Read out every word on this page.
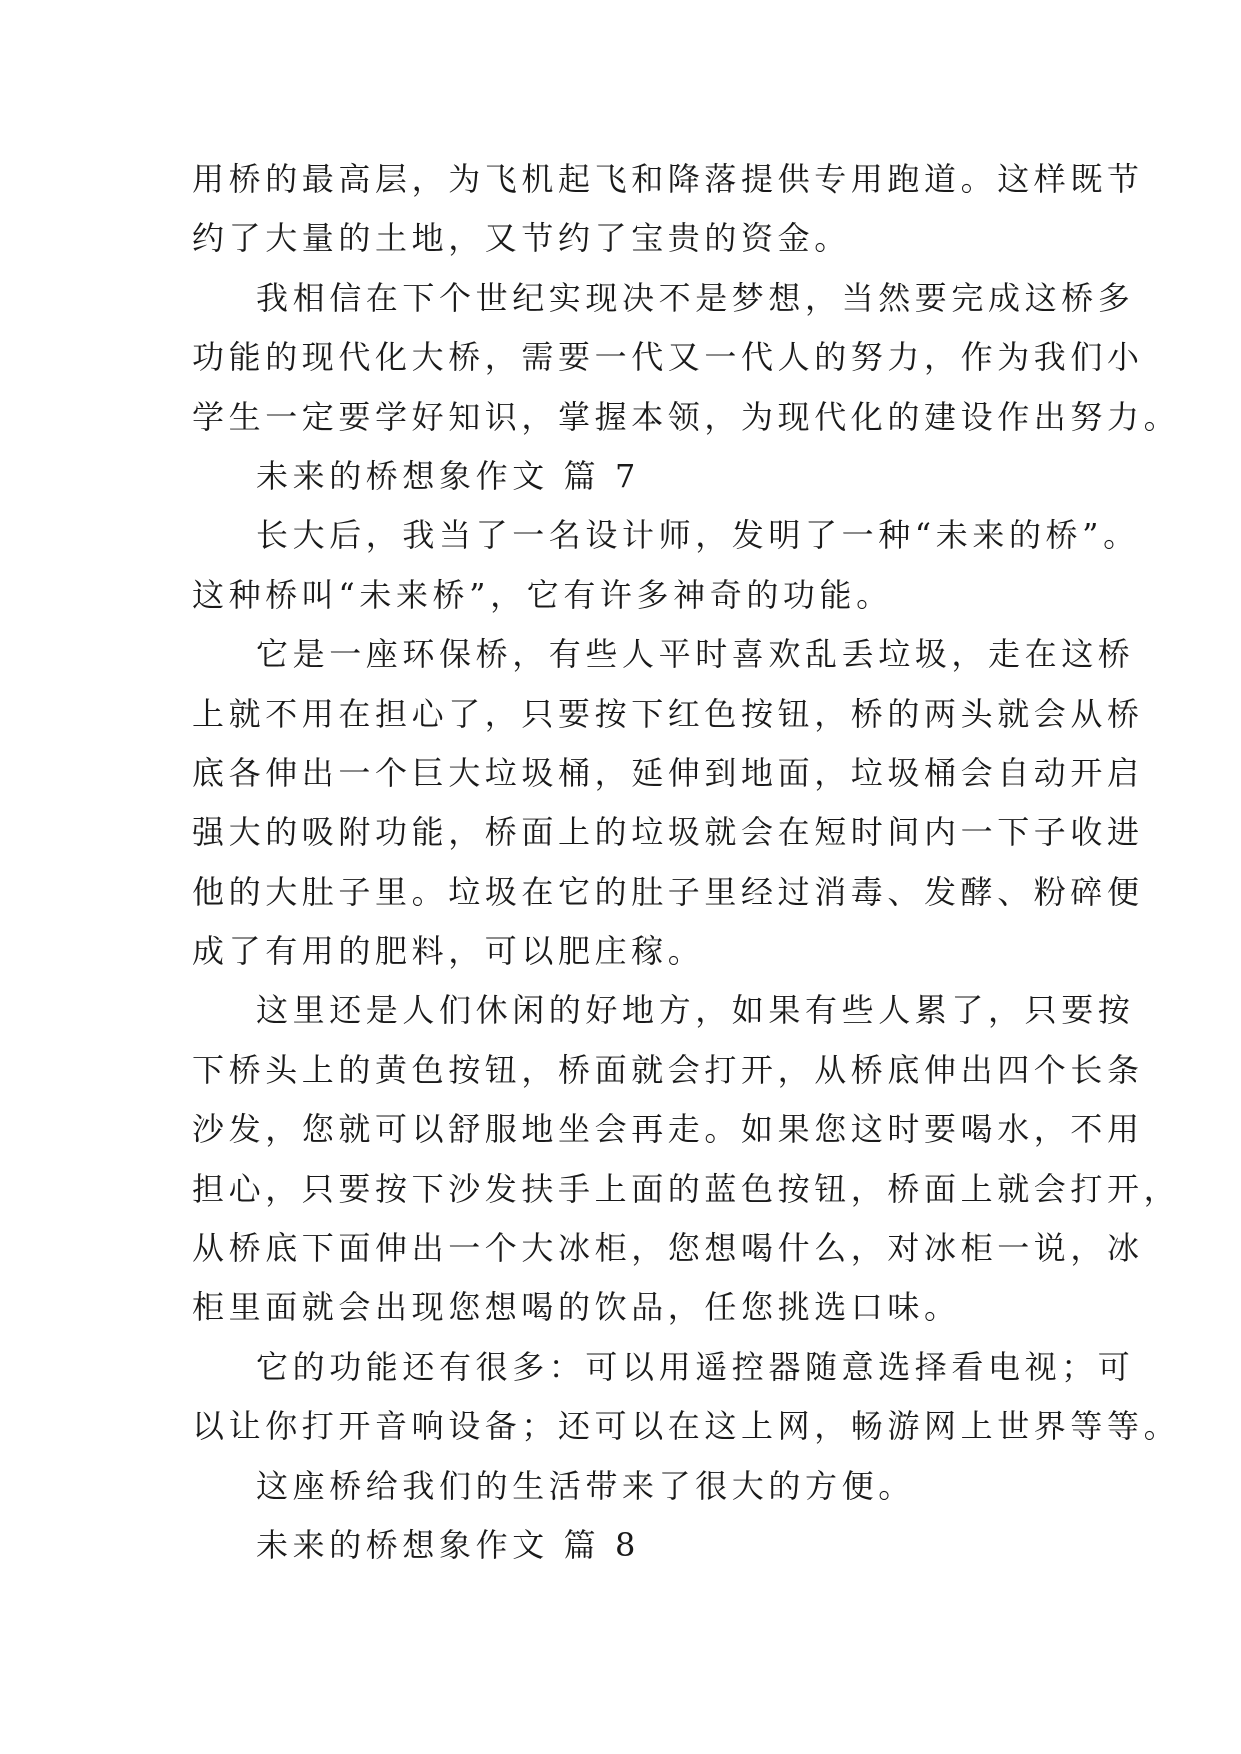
用桥的最高层，为飞机起飞和降落提供专用跑道。这样既节
约了大量的土地，又节约了宝贵的资金。
我相信在下个世纪实现决不是梦想，当然要完成这桥多
功能的现代化大桥，需要一代又一代人的努力，作为我们小
学生一定要学好知识，掌握本领，为现代化的建设作出努力。
未来的桥想象作文 篇 7
长大后，我当了一名设计师，发明了一种“未来的桥”。
这种桥叫“未来桥”，它有许多神奇的功能。
它是一座环保桥，有些人平时喜欢乱丢垃圾，走在这桥
上就不用在担心了，只要按下红色按钮，桥的两头就会从桥
底各伸出一个巨大垃圾桶，延伸到地面，垃圾桶会自动开启
强大的吸附功能，桥面上的垃圾就会在短时间内一下子收进
他的大肚子里。垃圾在它的肚子里经过消毒、发酵、粉碎便
成了有用的肥料，可以肥庄稼。
这里还是人们休闲的好地方，如果有些人累了，只要按
下桥头上的黄色按钮，桥面就会打开，从桥底伸出四个长条
沙发，您就可以舒服地坐会再走。如果您这时要喝水，不用
担心，只要按下沙发扶手上面的蓝色按钮，桥面上就会打开，
从桥底下面伸出一个大冰柜，您想喝什么，对冰柜一说，冰
柜里面就会出现您想喝的饮品，任您挑选口味。
它的功能还有很多：可以用遥控器随意选择看电视；可
以让你打开音响设备；还可以在这上网，畅游网上世界等等。
这座桥给我们的生活带来了很大的方便。
未来的桥想象作文 篇 8
